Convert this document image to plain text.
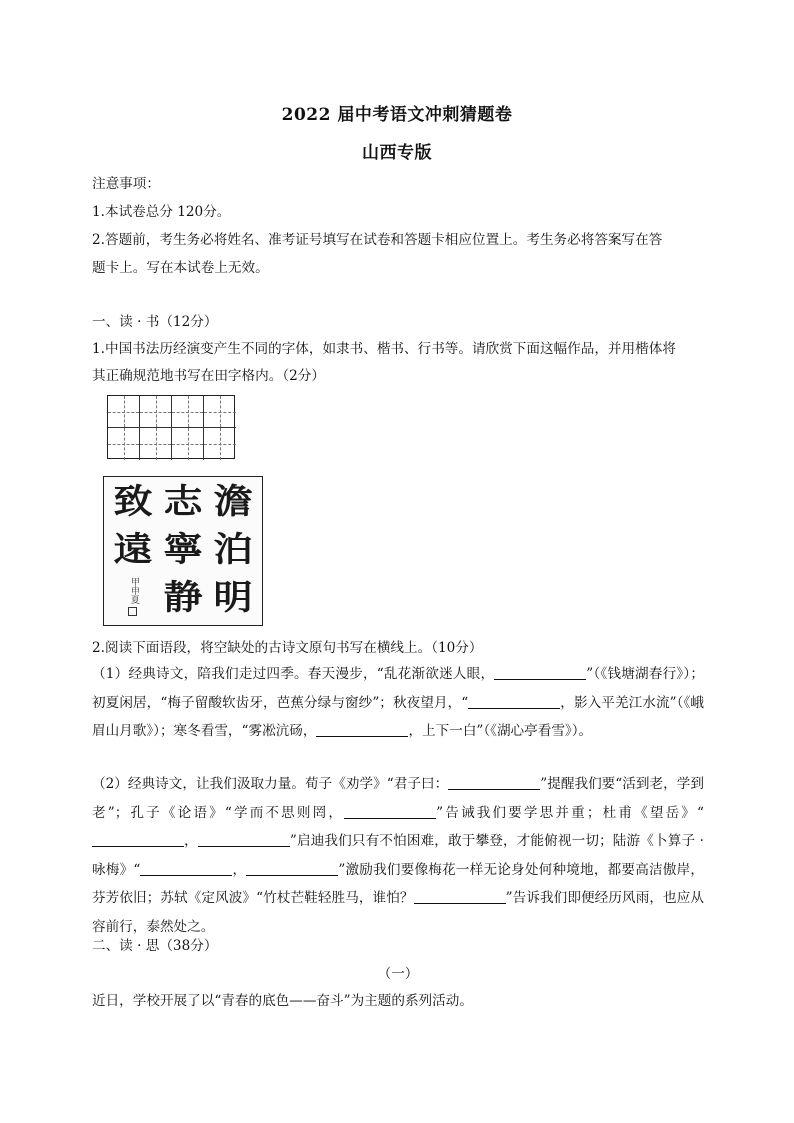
2022 届中考语文冲刺猜题卷
山西专版
注意事项：
1.本试卷总分 120分。
2.答题前，考生务必将姓名、准考证号填写在试卷和答题卡相应位置上。考生务必将答案写在答
题卡上。写在本试卷上无效。
一、读 · 书（12分）
1.中国书法历经演变产生不同的字体，如隶书、楷书、行书等。请欣赏下面这幅作品，并用楷体将
其正确规范地书写在田字格内。（2分）
澹
泊
明
志
寧
静
致
遠
甲申夏
2.阅读下面语段，将空缺处的古诗文原句书写在横线上。（10分）
（1）经典诗文，陪我们走过四季。春天漫步，“乱花渐欲迷人眼，	”（《钱塘湖春行》）；初夏闲居，“梅子留酸软齿牙，芭蕉分绿与窗纱”；秋夜望月，“	，影入平羌江水流”（《峨眉山月歌》）；寒冬看雪，“雾凇沆砀，	，上下一白”（《湖心亭看雪》）。
（2）经典诗文，让我们汲取力量。荀子《劝学》“君子曰：	”提醒我们要“活到老，学到老”；孔子《论语》“学而不思则罔，	”告诫我们要学思并重；杜甫《望岳》“，	”启迪我们只有不怕困难，敢于攀登，才能俯视一切；陆游《卜算子 · 咏梅》“	，	”激励我们要像梅花一样无论身处何种境地，都要高洁傲岸，芬芳依旧；苏轼《定风波》“竹杖芒鞋轻胜马，谁怕？	”告诉我们即便经历风雨，也应从容前行，泰然处之。
二、读 · 思（38分）
（一）
近日，学校开展了以“青春的底色——奋斗”为主题的系列活动。
